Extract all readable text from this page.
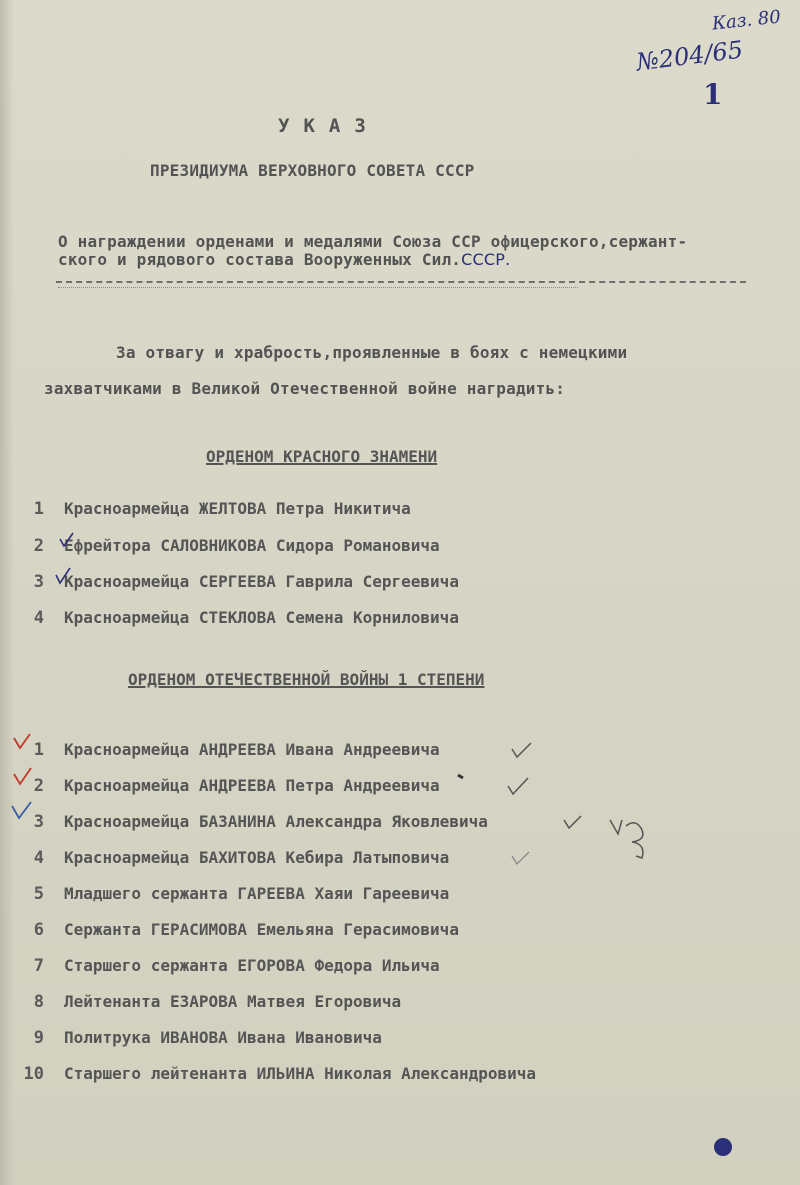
Каз. 80
№204/65
1
УКАЗ
ПРЕЗИДИУМА ВЕРХОВНОГО СОВЕТА СССР
О награждении орденами и медалями Союза ССР офицерского,сержант-
ского и рядового состава Вооруженных Сил.СССР.
За отвагу и храбрость,проявленные в боях с немецкими
захватчиками в Великой Отечественной войне наградить:
ОРДЕНОМ КРАСНОГО ЗНАМЕНИ
1 Красноармейца ЖЕЛТОВА Петра Никитича
2 Ефрейтора САЛОВНИКОВА Сидора Романовича
3 Красноармейца СЕРГЕЕВА Гаврила Сергеевича
4 Красноармейца СТЕКЛОВА Семена Корниловича
ОРДЕНОМ ОТЕЧЕСТВЕННОЙ ВОЙНЫ 1 СТЕПЕНИ
1 Красноармейца АНДРЕЕВА Ивана Андреевича
2 Красноармейца АНДРЕЕВА Петра Андреевича
3 Красноармейца БАЗАНИНА Александра Яковлевича
4 Красноармейца БАХИТОВА Кебира Латыповича
5 Младшего сержанта ГАРЕЕВА Хаяи Гареевича
6 Сержанта ГЕРАСИМОВА Емельяна Герасимовича
7 Старшего сержанта ЕГОРОВА Федора Ильича
8 Лейтенанта ЕЗАРОВА Матвея Егоровича
9 Политрука ИВАНОВА Ивана Ивановича
10 Старшего лейтенанта ИЛЬИНА Николая Александровича
